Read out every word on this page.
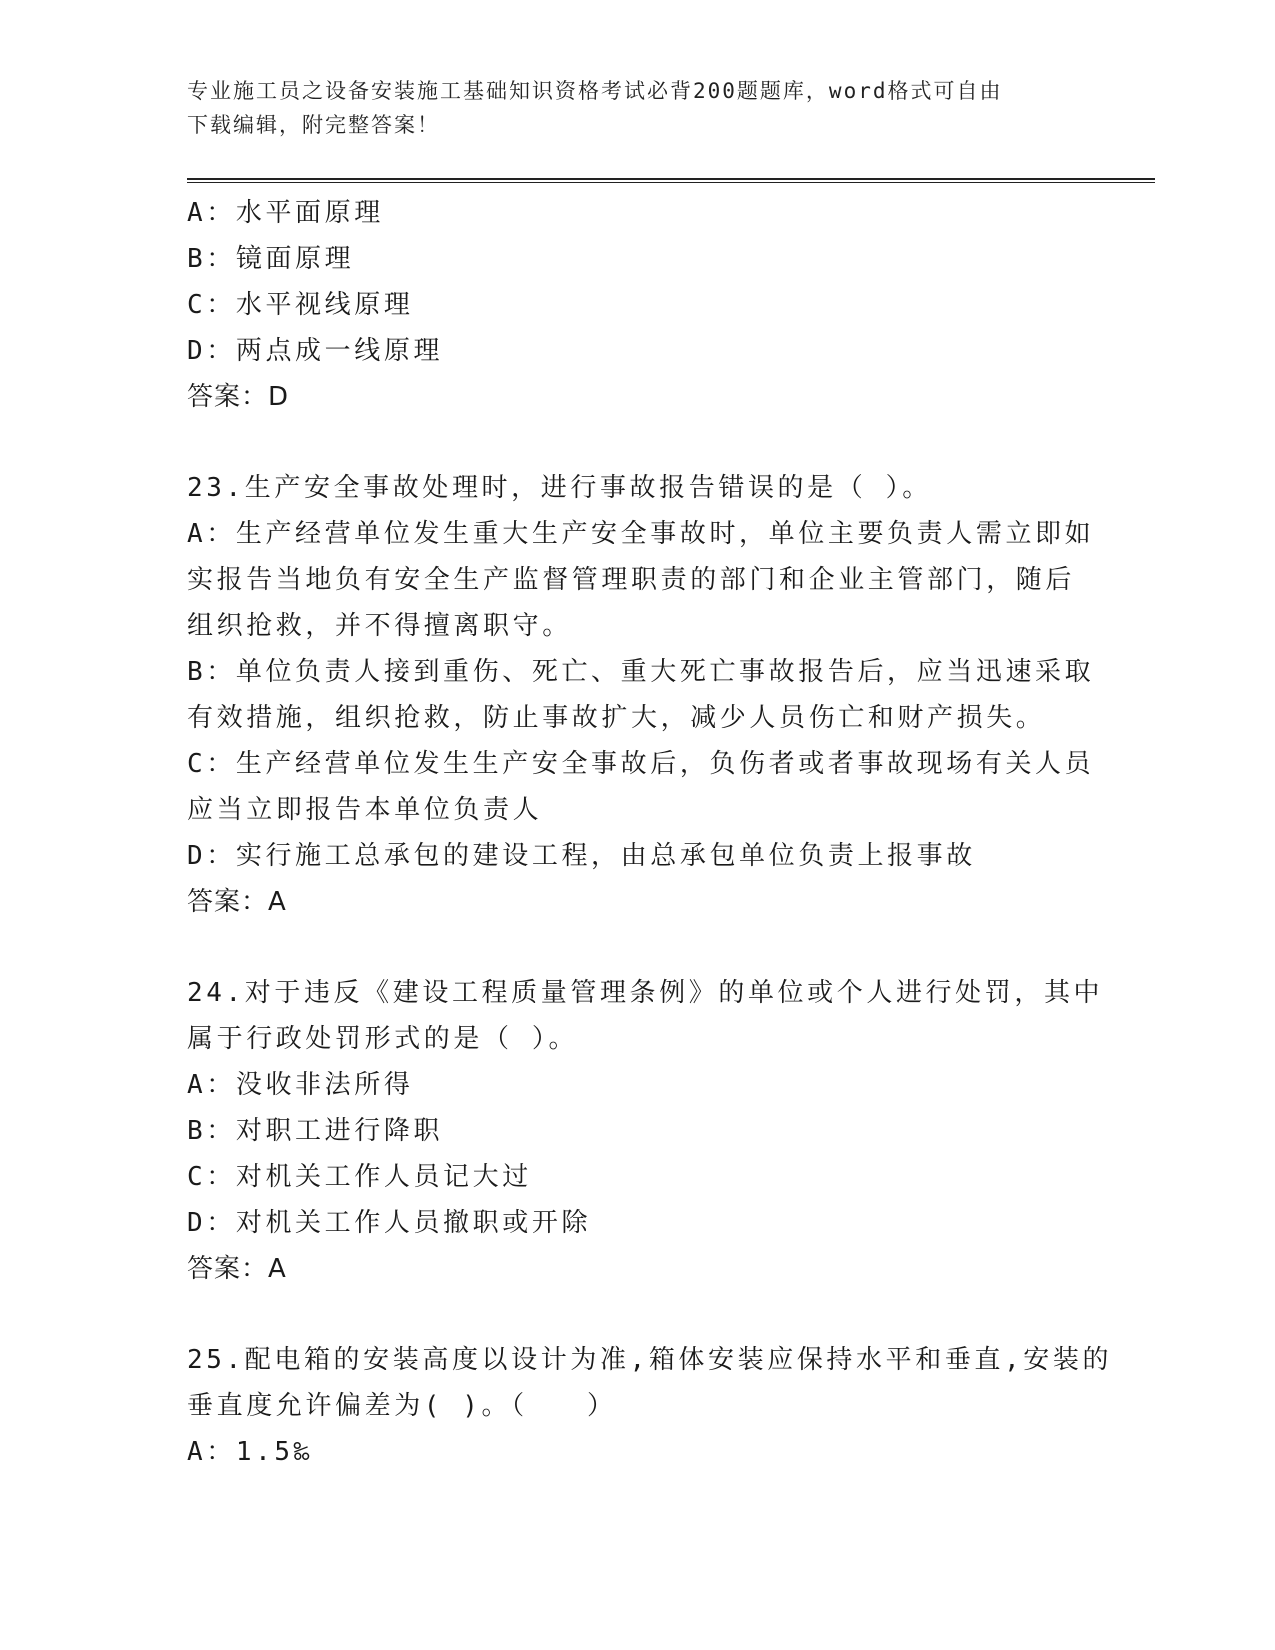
专业施工员之设备安装施工基础知识资格考试必背200题题库，word格式可自由
下载编辑，附完整答案！
A：水平面原理
B：镜面原理
C：水平视线原理
D：两点成一线原理
答案：D
23.生产安全事故处理时，进行事故报告错误的是（ ）。
A：生产经营单位发生重大生产安全事故时，单位主要负责人需立即如
实报告当地负有安全生产监督管理职责的部门和企业主管部门，随后
组织抢救，并不得擅离职守。
B：单位负责人接到重伤、死亡、重大死亡事故报告后，应当迅速采取
有效措施，组织抢救，防止事故扩大，减少人员伤亡和财产损失。
C：生产经营单位发生生产安全事故后，负伤者或者事故现场有关人员
应当立即报告本单位负责人
D：实行施工总承包的建设工程，由总承包单位负责上报事故
答案：A
24.对于违反《建设工程质量管理条例》的单位或个人进行处罚，其中
属于行政处罚形式的是（ ）。
A：没收非法所得
B：对职工进行降职
C：对机关工作人员记大过
D：对机关工作人员撤职或开除
答案：A
25.配电箱的安装高度以设计为准,箱体安装应保持水平和垂直,安装的
垂直度允许偏差为( )。（　　）
A：1.5‰
